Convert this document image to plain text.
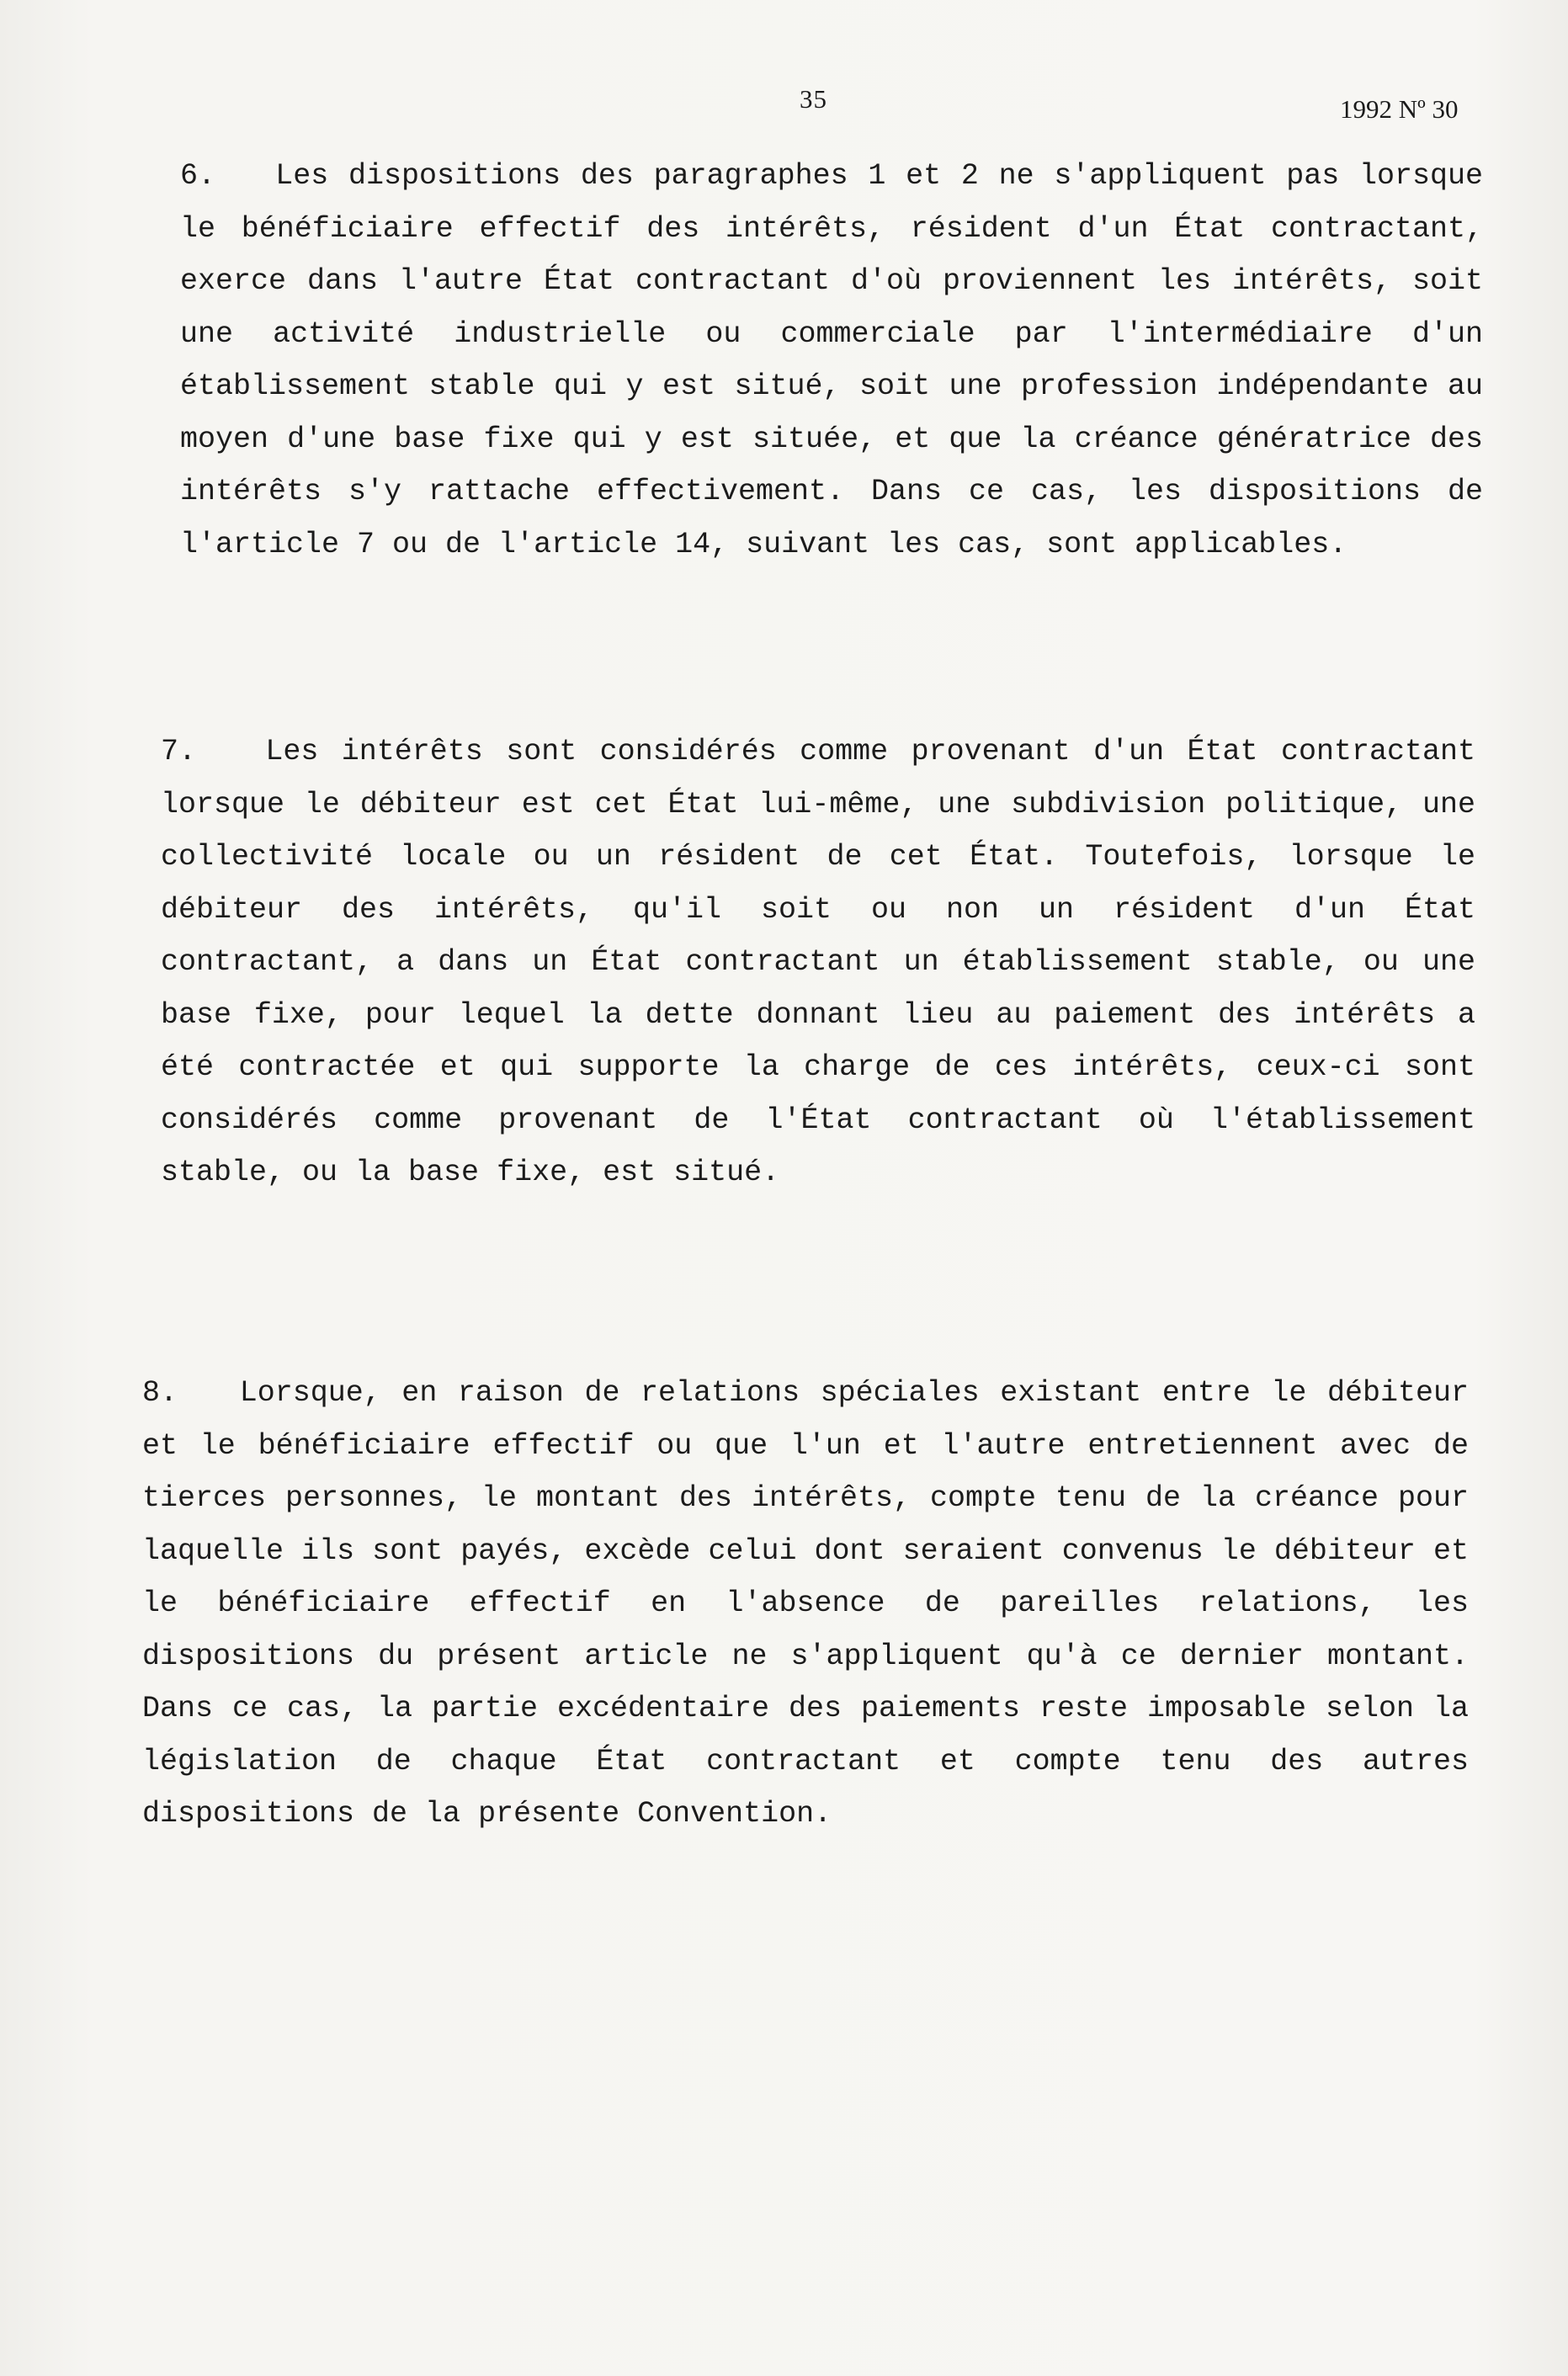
35	1992 Nº 30

6. Les dispositions des paragraphes 1 et 2 ne s'appliquent pas lorsque le bénéficiaire effectif des intérêts, résident d'un État contractant, exerce dans l'autre État contractant d'où proviennent les intérêts, soit une activité industrielle ou commerciale par l'intermédiaire d'un établissement stable qui y est situé, soit une profession indépendante au moyen d'une base fixe qui y est située, et que la créance génératrice des intérêts s'y rattache effectivement. Dans ce cas, les dispositions de l'article 7 ou de l'article 14, suivant les cas, sont applicables.

7. Les intérêts sont considérés comme provenant d'un État contractant lorsque le débiteur est cet État lui-même, une subdivision politique, une collectivité locale ou un résident de cet État. Toutefois, lorsque le débiteur des intérêts, qu'il soit ou non un résident d'un État contractant, a dans un État contractant un établissement stable, ou une base fixe, pour lequel la dette donnant lieu au paiement des intérêts a été contractée et qui supporte la charge de ces intérêts, ceux-ci sont considérés comme provenant de l'État contractant où l'établissement stable, ou la base fixe, est situé.

8. Lorsque, en raison de relations spéciales existant entre le débiteur et le bénéficiaire effectif ou que l'un et l'autre entretiennent avec de tierces personnes, le montant des intérêts, compte tenu de la créance pour laquelle ils sont payés, excède celui dont seraient convenus le débiteur et le bénéficiaire effectif en l'absence de pareilles relations, les dispositions du présent article ne s'appliquent qu'à ce dernier montant. Dans ce cas, la partie excédentaire des paiements reste imposable selon la législation de chaque État contractant et compte tenu des autres dispositions de la présente Convention.
